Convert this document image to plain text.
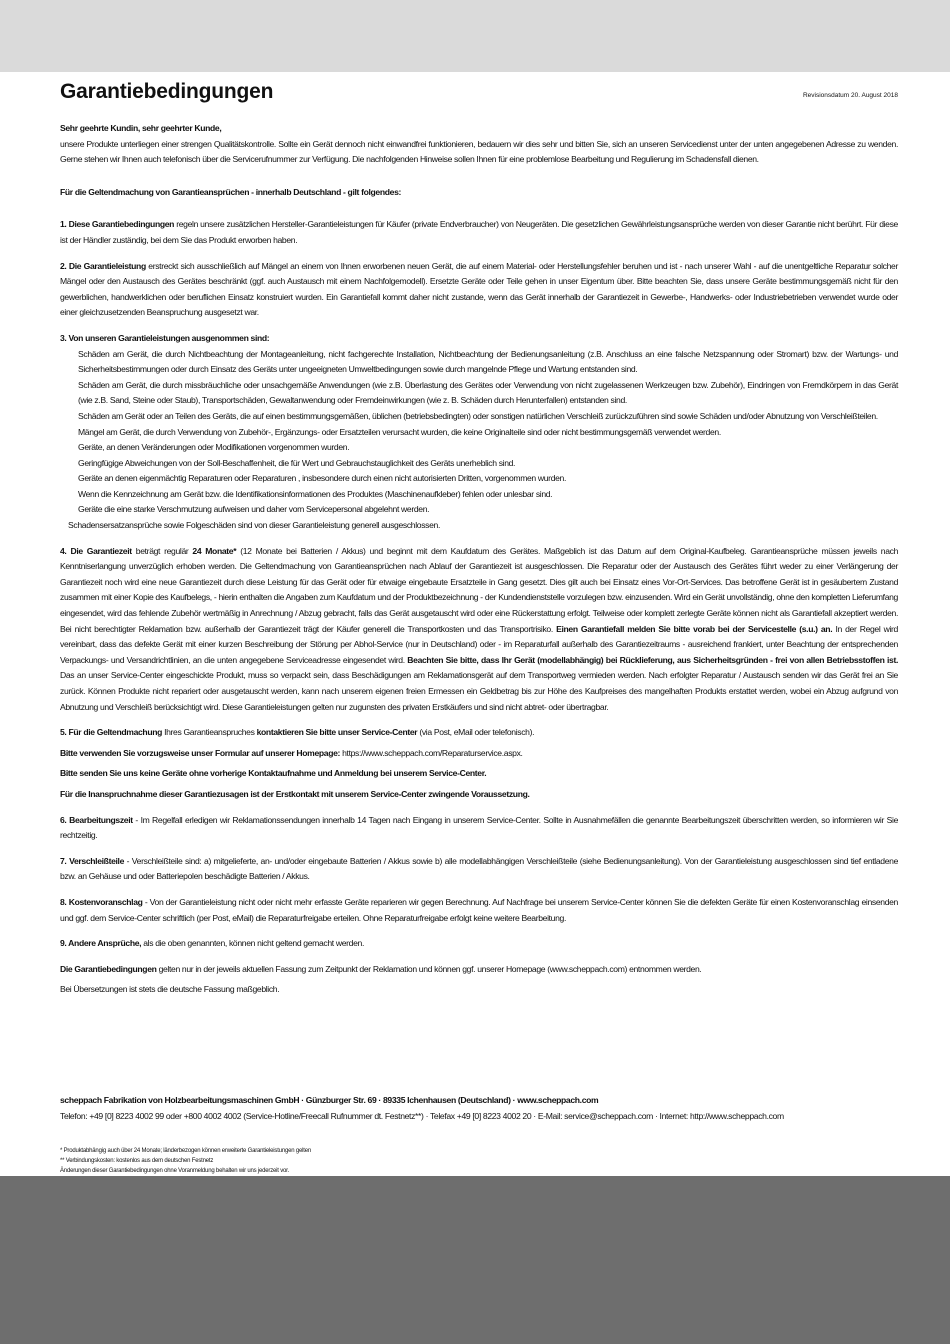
Garantiebedingungen	Revisionsdatum 20. August 2018

Sehr geehrte Kundin, sehr geehrter Kunde,

unsere Produkte unterliegen einer strengen Qualitätskontrolle. Sollte ein Gerät dennoch nicht einwandfrei funktionieren, bedauern wir dies sehr und bitten Sie, sich an unseren Servicedienst unter der unten angegebenen Adresse zu wenden. Gerne stehen wir Ihnen auch telefonisch über die Servicerufnummer zur Verfügung. Die nachfolgenden Hinweise sollen Ihnen für eine problemlose Bearbeitung und Regulierung im Schadensfall dienen.

Für die Geltendmachung von Garantieansprüchen - innerhalb Deutschland - gilt folgendes:

1. Diese Garantiebedingungen regeln unsere zusätzlichen Hersteller-Garantieleistungen für Käufer (private Endverbraucher) von Neugeräten. Die gesetzlichen Gewährleistungsansprüche werden von dieser Garantie nicht berührt. Für diese ist der Händler zuständig, bei dem Sie das Produkt erworben haben.

2. Die Garantieleistung erstreckt sich ausschließlich auf Mängel an einem von Ihnen erworbenen neuen Gerät, die auf einem Material- oder Herstellungsfehler beruhen und ist - nach unserer Wahl - auf die unentgeltliche Reparatur solcher Mängel oder den Austausch des Gerätes beschränkt (ggf. auch Austausch mit einem Nachfolgemodell). Ersetzte Geräte oder Teile gehen in unser Eigentum über. Bitte beachten Sie, dass unsere Geräte bestimmungsgemäß nicht für den gewerblichen, handwerklichen oder beruflichen Einsatz konstruiert wurden. Ein Garantiefall kommt daher nicht zustande, wenn das Gerät innerhalb der Garantiezeit in Gewerbe-, Handwerks- oder Industriebetrieben verwendet wurde oder einer gleichzusetzenden Beanspruchung ausgesetzt war.

3. Von unseren Garantieleistungen ausgenommen sind:

Schäden am Gerät, die durch Nichtbeachtung der Montageanleitung, nicht fachgerechte Installation, Nichtbeachtung der Bedienungsanleitung (z.B. Anschluss an eine falsche Netzspannung oder Stromart) bzw. der Wartungs- und Sicherheitsbestimmungen oder durch Einsatz des Geräts unter ungeeigneten Umweltbedingungen sowie durch mangelnde Pflege und Wartung entstanden sind.

Schäden am Gerät, die durch missbräuchliche oder unsachgemäße Anwendungen (wie z.B. Überlastung des Gerätes oder Verwendung von nicht zugelassenen Werkzeugen bzw. Zubehör), Eindringen von Fremdkörpern in das Gerät (wie z.B. Sand, Steine oder Staub), Transportschäden, Gewaltanwendung oder Fremdeinwirkungen (wie z. B. Schäden durch Herunterfallen) entstanden sind.

Schäden am Gerät oder an Teilen des Geräts, die auf einen bestimmungsgemäßen, üblichen (betriebsbedingten) oder sonstigen natürlichen Verschleiß zurückzuführen sind sowie Schäden und/oder Abnutzung von Verschleißteilen.

Mängel am Gerät, die durch Verwendung von Zubehör-, Ergänzungs- oder Ersatzteilen verursacht wurden, die keine Originalteile sind oder nicht bestimmungsgemäß verwendet werden.

Geräte, an denen Veränderungen oder Modifikationen vorgenommen wurden.

Geringfügige Abweichungen von der Soll-Beschaffenheit, die für Wert und Gebrauchstauglichkeit des Geräts unerheblich sind.

Geräte an denen eigenmächtig Reparaturen oder Reparaturen , insbesondere durch einen nicht autorisierten Dritten, vorgenommen wurden.

Wenn die Kennzeichnung am Gerät bzw. die Identifikationsinformationen des Produktes (Maschinenaufkleber) fehlen oder unlesbar sind.

Geräte die eine starke Verschmutzung aufweisen und daher vom Servicepersonal abgelehnt werden.

Schadensersatzansprüche sowie Folgeschäden sind von dieser Garantieleistung generell ausgeschlossen.

4. Die Garantiezeit beträgt regulär 24 Monate* (12 Monate bei Batterien / Akkus) und beginnt mit dem Kaufdatum des Gerätes. Maßgeblich ist das Datum auf dem Original-Kaufbeleg. Garantieansprüche müssen jeweils nach Kenntniserlangung unverzüglich erhoben werden. Die Geltendmachung von Garantieansprüchen nach Ablauf der Garantiezeit ist ausgeschlossen. Die Reparatur oder der Austausch des Gerätes führt weder zu einer Verlängerung der Garantiezeit noch wird eine neue Garantiezeit durch diese Leistung für das Gerät oder für etwaige eingebaute Ersatzteile in Gang gesetzt. Dies gilt auch bei Einsatz eines Vor-Ort-Services. Das betroffene Gerät ist in gesäubertem Zustand zusammen mit einer Kopie des Kaufbelegs, - hierin enthalten die Angaben zum Kaufdatum und der Produktbezeichnung - der Kundendienststelle vorzulegen bzw. einzusenden. Wird ein Gerät unvollständig, ohne den kompletten Lieferumfang eingesendet, wird das fehlende Zubehör wertmäßig in Anrechnung / Abzug gebracht, falls das Gerät ausgetauscht wird oder eine Rückerstattung erfolgt. Teilweise oder komplett zerlegte Geräte können nicht als Garantiefall akzeptiert werden. Bei nicht berechtigter Reklamation bzw. außerhalb der Garantiezeit trägt der Käufer generell die Transportkosten und das Transportrisiko. Einen Garantiefall melden Sie bitte vorab bei der Servicestelle (s.u.) an. In der Regel wird vereinbart, dass das defekte Gerät mit einer kurzen Beschreibung der Störung per Abhol-Service (nur in Deutschland) oder - im Reparaturfall außerhalb des Garantiezeitraums - ausreichend frankiert, unter Beachtung der entsprechenden Verpackungs- und Versandrichtlinien, an die unten angegebene Serviceadresse eingesendet wird. Beachten Sie bitte, dass Ihr Gerät (modellabhängig) bei Rücklieferung, aus Sicherheitsgründen - frei von allen Betriebsstoffen ist. Das an unser Service-Center eingeschickte Produkt, muss so verpackt sein, dass Beschädigungen am Reklamationsgerät auf dem Transportweg vermieden werden. Nach erfolgter Reparatur / Austausch senden wir das Gerät frei an Sie zurück. Können Produkte nicht repariert oder ausgetauscht werden, kann nach unserem eigenen freien Ermessen ein Geldbetrag bis zur Höhe des Kaufpreises des mangelhaften Produkts erstattet werden, wobei ein Abzug aufgrund von Abnutzung und Verschleiß berücksichtigt wird. Diese Garantieleistungen gelten nur zugunsten des privaten Erstkäufers und sind nicht abtret- oder übertragbar.

5. Für die Geltendmachung Ihres Garantieanspruches kontaktieren Sie bitte unser Service-Center (via Post, eMail oder telefonisch).

Bitte verwenden Sie vorzugsweise unser Formular auf unserer Homepage: https://www.scheppach.com/Reparaturservice.aspx.

Bitte senden Sie uns keine Geräte ohne vorherige Kontaktaufnahme und Anmeldung bei unserem Service-Center.

Für die Inanspruchnahme dieser Garantiezusagen ist der Erstkontakt mit unserem Service-Center zwingende Voraussetzung.

6. Bearbeitungszeit - Im Regelfall erledigen wir Reklamationssendungen innerhalb 14 Tagen nach Eingang in unserem Service-Center. Sollte in Ausnahmefällen die genannte Bearbeitungszeit überschritten werden, so informieren wir Sie rechtzeitig.

7. Verschleißteile - Verschleißteile sind: a) mitgelieferte, an- und/oder eingebaute Batterien / Akkus sowie b) alle modellabhängigen Verschleißteile (siehe Bedienungsanleitung). Von der Garantieleistung ausgeschlossen sind tief entladene bzw. an Gehäuse und oder Batteriepolen beschädigte Batterien / Akkus.

8. Kostenvoranschlag - Von der Garantieleistung nicht oder nicht mehr erfasste Geräte reparieren wir gegen Berechnung. Auf Nachfrage bei unserem Service-Center können Sie die defekten Geräte für einen Kostenvoranschlag einsenden und ggf. dem Service-Center schriftlich (per Post, eMail) die Reparaturfreigabe erteilen. Ohne Reparaturfreigabe erfolgt keine weitere Bearbeitung.

9. Andere Ansprüche, als die oben genannten, können nicht geltend gemacht werden.

Die Garantiebedingungen gelten nur in der jeweils aktuellen Fassung zum Zeitpunkt der Reklamation und können ggf. unserer Homepage (www.scheppach.com) entnommen werden.

Bei Übersetzungen ist stets die deutsche Fassung maßgeblich.

scheppach Fabrikation von Holzbearbeitungsmaschinen GmbH · Günzburger Str. 69 · 89335 Ichenhausen (Deutschland) · www.scheppach.com

Telefon: +49 [0] 8223 4002 99 oder +800 4002 4002 (Service-Hotline/Freecall Rufnummer dt. Festnetz**) · Telefax +49 [0] 8223 4002 20 · E-Mail: service@scheppach.com · Internet: http://www.scheppach.com

* Produktabhängig auch über 24 Monate; länderbezogen können erweiterte Garantieleistungen gelten

** Verbindungskosten: kostenlos aus dem deutschen Festnetz

Änderungen dieser Garantiebedingungen ohne Voranmeldung behalten wir uns jederzeit vor.
